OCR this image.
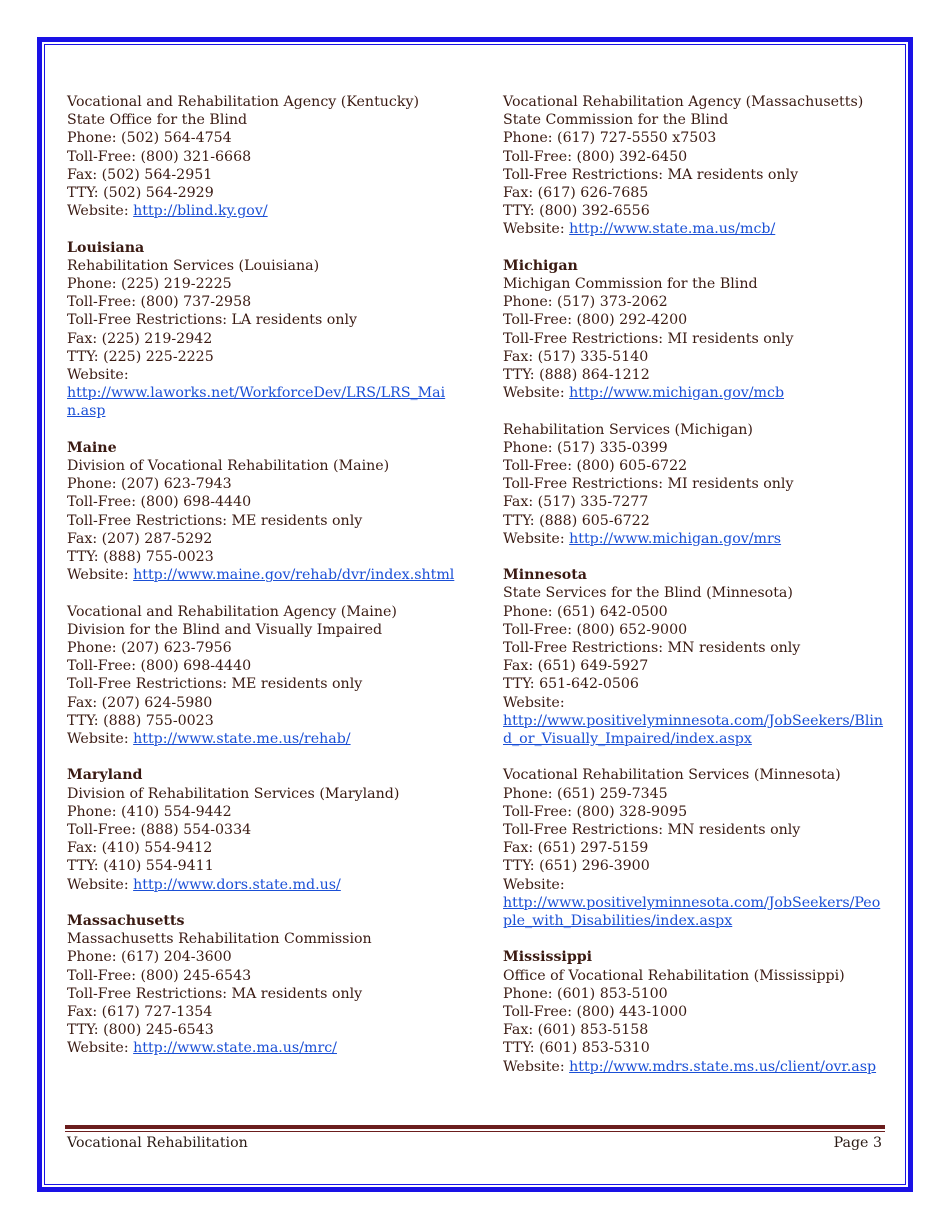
Vocational and Rehabilitation Agency (Kentucky)
State Office for the Blind
Phone: (502) 564-4754
Toll-Free: (800) 321-6668
Fax: (502) 564-2951
TTY: (502) 564-2929
Website: http://blind.ky.gov/
Louisiana
Rehabilitation Services (Louisiana)
Phone: (225) 219-2225
Toll-Free: (800) 737-2958
Toll-Free Restrictions: LA residents only
Fax: (225) 219-2942
TTY: (225) 225-2225
Website:
http://www.laworks.net/WorkforceDev/LRS/LRS_Main.asp
Maine
Division of Vocational Rehabilitation (Maine)
Phone: (207) 623-7943
Toll-Free: (800) 698-4440
Toll-Free Restrictions: ME residents only
Fax: (207) 287-5292
TTY: (888) 755-0023
Website: http://www.maine.gov/rehab/dvr/index.shtml
Vocational and Rehabilitation Agency (Maine)
Division for the Blind and Visually Impaired
Phone: (207) 623-7956
Toll-Free: (800) 698-4440
Toll-Free Restrictions: ME residents only
Fax: (207) 624-5980
TTY: (888) 755-0023
Website: http://www.state.me.us/rehab/
Maryland
Division of Rehabilitation Services (Maryland)
Phone: (410) 554-9442
Toll-Free: (888) 554-0334
Fax: (410) 554-9412
TTY: (410) 554-9411
Website: http://www.dors.state.md.us/
Massachusetts
Massachusetts Rehabilitation Commission
Phone: (617) 204-3600
Toll-Free: (800) 245-6543
Toll-Free Restrictions: MA residents only
Fax: (617) 727-1354
TTY: (800) 245-6543
Website: http://www.state.ma.us/mrc/
Vocational Rehabilitation Agency (Massachusetts)
State Commission for the Blind
Phone: (617) 727-5550 x7503
Toll-Free: (800) 392-6450
Toll-Free Restrictions: MA residents only
Fax: (617) 626-7685
TTY: (800) 392-6556
Website: http://www.state.ma.us/mcb/
Michigan
Michigan Commission for the Blind
Phone: (517) 373-2062
Toll-Free: (800) 292-4200
Toll-Free Restrictions: MI residents only
Fax: (517) 335-5140
TTY: (888) 864-1212
Website: http://www.michigan.gov/mcb
Rehabilitation Services (Michigan)
Phone: (517) 335-0399
Toll-Free: (800) 605-6722
Toll-Free Restrictions: MI residents only
Fax: (517) 335-7277
TTY: (888) 605-6722
Website: http://www.michigan.gov/mrs
Minnesota
State Services for the Blind (Minnesota)
Phone: (651) 642-0500
Toll-Free: (800) 652-9000
Toll-Free Restrictions: MN residents only
Fax: (651) 649-5927
TTY: 651-642-0506
Website:
http://www.positivelyminnesota.com/JobSeekers/Blind_or_Visually_Impaired/index.aspx
Vocational Rehabilitation Services (Minnesota)
Phone: (651) 259-7345
Toll-Free: (800) 328-9095
Toll-Free Restrictions: MN residents only
Fax: (651) 297-5159
TTY: (651) 296-3900
Website:
http://www.positivelyminnesota.com/JobSeekers/People_with_Disabilities/index.aspx
Mississippi
Office of Vocational Rehabilitation (Mississippi)
Phone: (601) 853-5100
Toll-Free: (800) 443-1000
Fax: (601) 853-5158
TTY: (601) 853-5310
Website: http://www.mdrs.state.ms.us/client/ovr.asp
Vocational Rehabilitation	Page 3
